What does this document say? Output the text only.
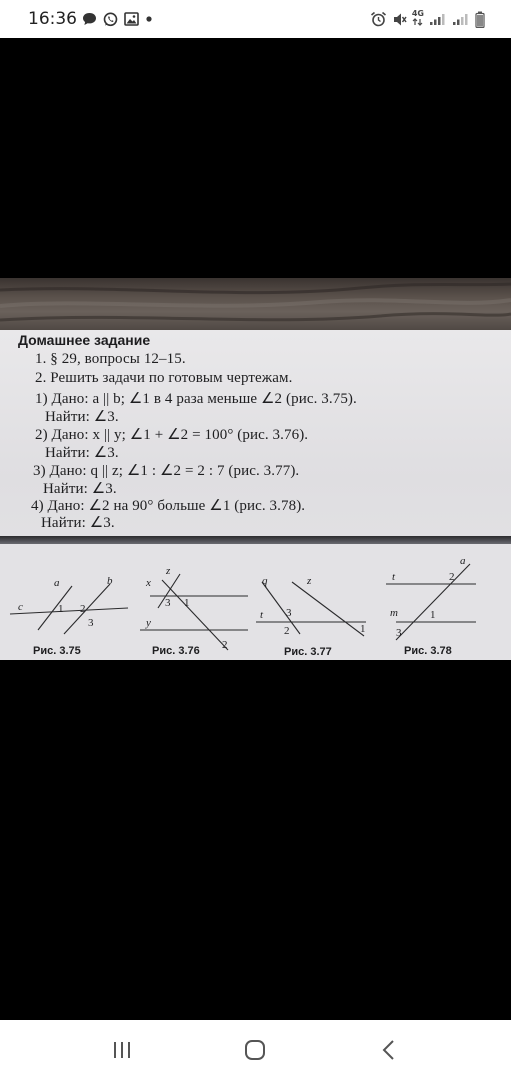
16:36	4G
Домашнее задание
1. § 29, вопросы 12–15.
2. Решить задачи по готовым чертежам.
1) Дано: a || b; ∠1 в 4 раза меньше ∠2 (рис. 3.75).
Найти: ∠3.
2) Дано: x || y; ∠1 + ∠2 = 100° (рис. 3.76).
Найти: ∠3.
3) Дано: q || z; ∠1 : ∠2 = 2 : 7 (рис. 3.77).
Найти: ∠3.
4) Дано: ∠2 на 90° больше ∠1 (рис. 3.78).
Найти: ∠3.
a	b
c	1 2
3
x
z
y
3 1
2
q	z
t 3
2	1
a
t
m
2
1
3
Рис. 3.75	Рис. 3.76	Рис. 3.77	Рис. 3.78
